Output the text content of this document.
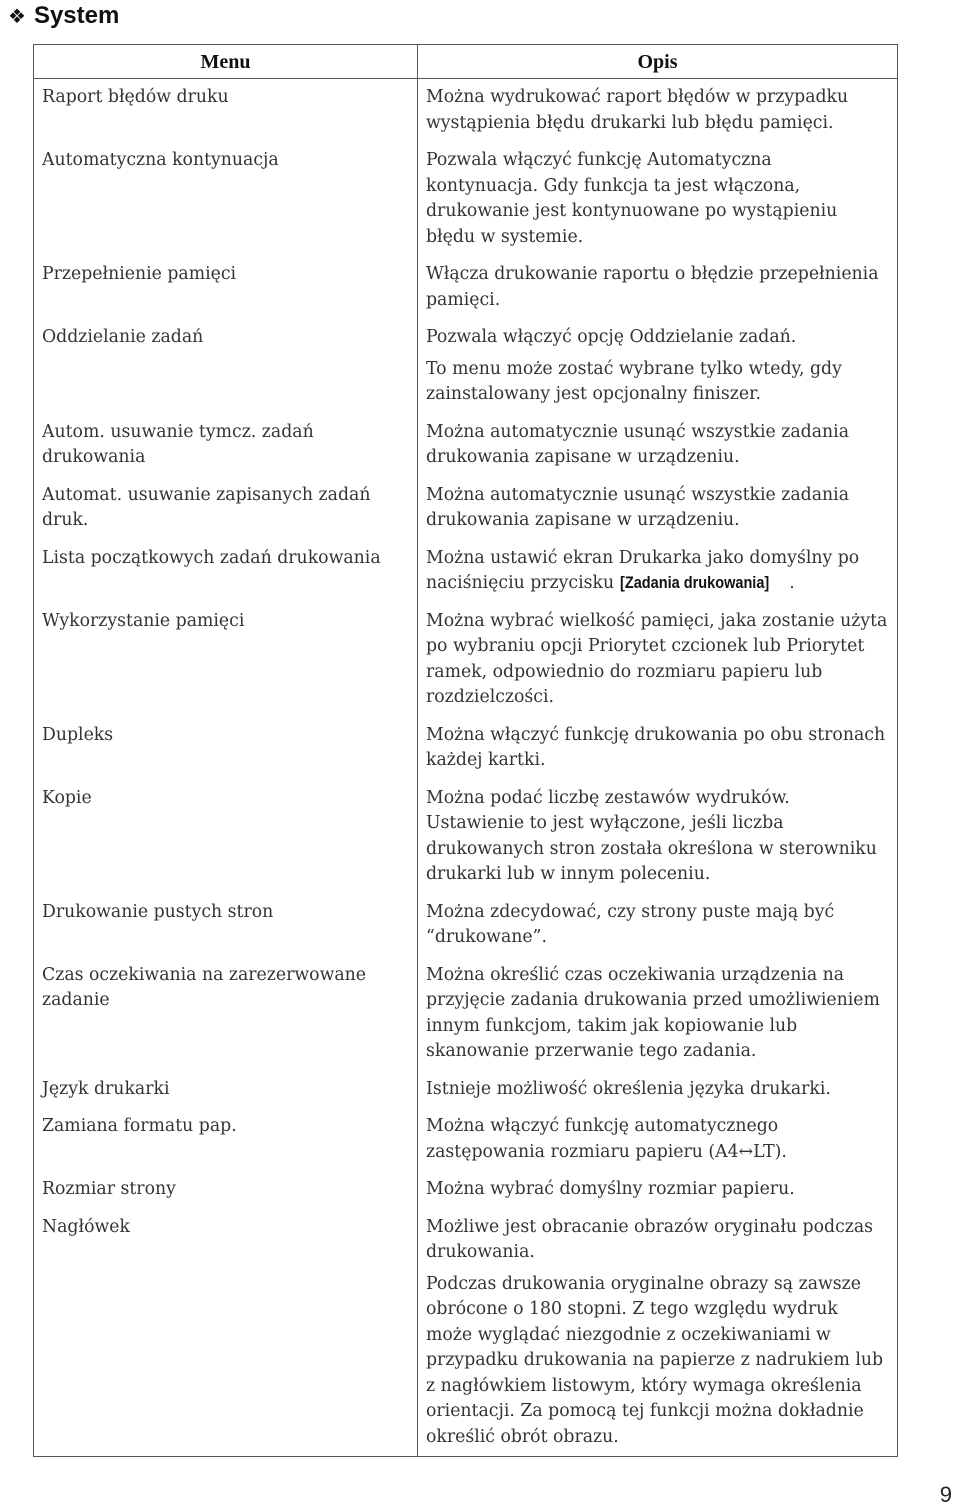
❖ System
Menu	Opis
Raport błędów druku	Można wydrukować raport błędów w przypadku wystąpienia błędu drukarki lub błędu pamięci.

Automatyczna kontynuacja	Pozwala włączyć funkcję Automatyczna kontynuacja. Gdy funkcja ta jest włączona, drukowanie jest kontynuowane po wystąpieniu błędu w systemie.

Przepełnienie pamięci	Włącza drukowanie raportu o błędzie przepełnienia pamięci.

Oddzielanie zadań	Pozwala włączyć opcję Oddzielanie zadań.
To menu może zostać wybrane tylko wtedy, gdy zainstalowany jest opcjonalny finiszer.

Autom. usuwanie tymcz. zadań drukowania	Można automatycznie usunąć wszystkie zadania drukowania zapisane w urządzeniu.

Automat. usuwanie zapisanych zadań druk.	Można automatycznie usunąć wszystkie zadania drukowania zapisane w urządzeniu.

Lista początkowych zadań drukowania	Można ustawić ekran Drukarka jako domyślny po naciśnięciu przycisku [Zadania drukowania] .

Wykorzystanie pamięci	Można wybrać wielkość pamięci, jaka zostanie użyta po wybraniu opcji Priorytet czcionek lub Priorytet ramek, odpowiednio do rozmiaru papieru lub rozdzielczości.

Dupleks	Można włączyć funkcję drukowania po obu stronach każdej kartki.

Kopie	Można podać liczbę zestawów wydruków. Ustawienie to jest wyłączone, jeśli liczba drukowanych stron została określona w sterowniku drukarki lub w innym poleceniu.

Drukowanie pustych stron	Można zdecydować, czy strony puste mają być “drukowane”.

Czas oczekiwania na zarezerwowane zadanie	Można określić czas oczekiwania urządzenia na przyjęcie zadania drukowania przed umożliwieniem innym funkcjom, takim jak kopiowanie lub skanowanie przerwanie tego zadania.

Język drukarki	Istnieje możliwość określenia języka drukarki.

Zamiana formatu pap.	Można włączyć funkcję automatycznego zastępowania rozmiaru papieru (A4↔LT).

Rozmiar strony	Można wybrać domyślny rozmiar papieru.

Nagłówek	Możliwe jest obracanie obrazów oryginału podczas drukowania.
Podczas drukowania oryginalne obrazy są zawsze obrócone o 180 stopni. Z tego względu wydruk może wyglądać niezgodnie z oczekiwaniami w przypadku drukowania na papierze z nadrukiem lub z nagłówkiem listowym, który wymaga określenia orientacji. Za pomocą tej funkcji można dokładnie określić obrót obrazu.
9
